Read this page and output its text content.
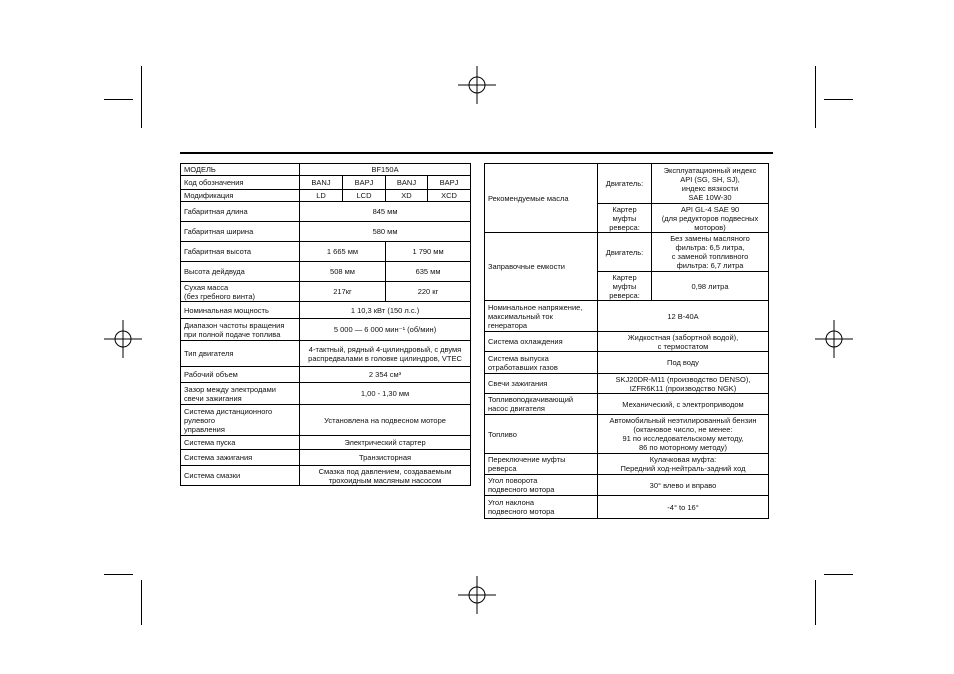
МОДЕЛЬ	BF150A			
Код обозначения	BANJ	BAPJ	BANJ	BAPJ
Модификация	LD	LCD	XD	XCD
Габаритная длина	845 мм			
Габаритная ширина	580 мм			
Габаритная высота	1 665 мм		1 790 мм	
Высота дейдвуда	508 мм		635 мм	
Сухая масса
(без гребного винта)	217кг		220 кг	
Номинальная мощность	1 10,3 кВт (150 л.с.)			
Диапазон частоты вращения
при полной подаче топлива	5 000 — 6 000 мин⁻¹ (об/мин)			
Тип двигателя	4-тактный, рядный 4-цилиндровый, с двумя
распредвалами в головке цилиндров, VTEC			
Рабочий объем	2 354 см³			
Зазор между электродами
свечи зажигания	1,00 - 1,30 мм			
Система дистанционного
рулевого
управления	Установлена на подвесном моторе			
Система пуска	Электрический стартер			
Система зажигания	Транзисторная			
Система смазки	Смазка под давлением, создаваемым
трохоидным масляным насосом			
Рекомендуемые масла	Двигатель:	Эксплуатационный индекс
API (SG, SH, SJ),
индекс вязкости
SAE 10W-30
	Картер
муфты
реверса:	API GL-4 SAE 90
(для редукторов подвесных
моторов)
Заправочные емкости	Двигатель:	Без замены масляного
фильтра: 6,5 литра,
с заменой топливного
фильтра: 6,7 литра
	Картер
муфты
реверса:	0,98 литра
Номинальное напряжение,
максимальный ток
генератора	12 В-40А	
Система охлаждения	Жидкостная (забортной водой),
с термостатом	
Система выпуска
отработавших газов	Под воду	
Свечи зажигания	SKJ20DR-M11 (производство DENSO),
IZFR6K11 (производство NGK)	
Топливоподкачивающий
насос двигателя	Механический, с электроприводом	
Топливо	Автомобильный неэтилированный бензин
(октановое число, не менее:
91 по исследовательскому методу,
86 по моторному методу)	
Переключение муфты
реверса	Кулачковая муфта:
Передний ход-нейтраль-задний ход	
Угол поворота
подвесного мотора	30° влево и вправо	
Угол наклона
подвесного мотора	-4° to 16°	
